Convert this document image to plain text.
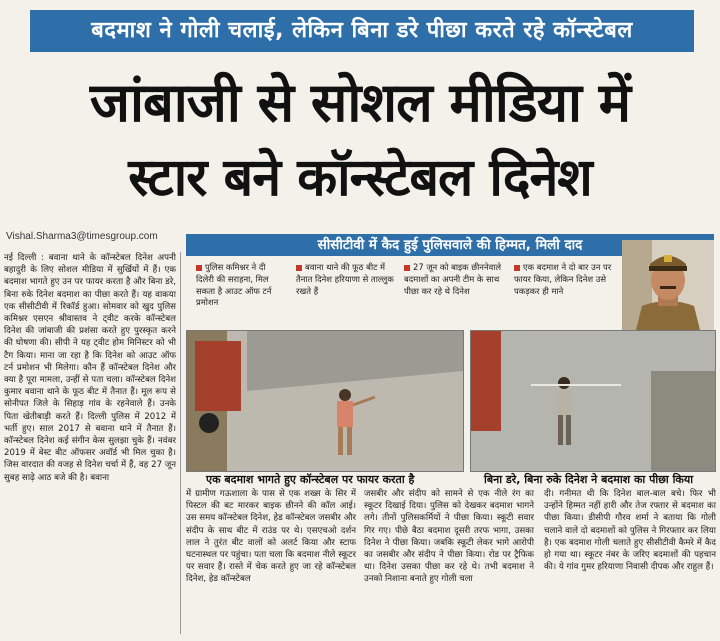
बदमाश ने गोली चलाई, लेकिन बिना डरे पीछा करते रहे कॉन्स्टेबल
जांबाजी से सोशल मीडिया में
स्टार बने कॉन्स्टेबल दिनेश
Vishal.Sharma3@timesgroup.com
सीसीटीवी में कैद हुई पुलिसवाले की हिम्मत, मिली दाद
नई दिल्ली : बवाना थाने के कॉन्स्टेबल दिनेश अपनी बहादुरी के लिए सोशल मीडिया में सुर्खियों में हैं। एक बदमाश भागते हुए उन पर फायर करता है और बिना डरे, बिना रुके दिनेश बदमाश का पीछा करते हैं। यह वाकया एक सीसीटीवी में रिकॉर्ड हुआ। सोमवार को खुद पुलिस कमिश्नर एसएन श्रीवास्तव ने ट्वीट करके कॉन्स्टेबल दिनेश की जांबाजी की प्रशंसा करते हुए पुरस्कृत करने की घोषणा की। सीपी ने यह ट्वीट होम मिनिस्टर को भी टैग किया। माना जा रहा है कि दिनेश को आउट ऑफ टर्न प्रमोशन भी मिलेगा। कौन हैं कॉन्स्टेबल दिनेश और क्या है पूरा मामला, उन्हीं से पता चला। कॉन्स्टेबल दिनेश कुमार बवाना थाने के फूठ बीट में तैनात हैं। मूल रूप से सोनीपत जिले के सिहाड़ गांव के रहनेवाले हैं। उनके पिता खेतीबाड़ी करते हैं। दिल्ली पुलिस में 2012 में भर्ती हुए। साल 2017 से बवाना थाने में तैनात हैं। कॉन्स्टेबल दिनेश कई संगीन केस सुलझा चुके हैं। नवंबर 2019 में बेस्ट बीट ऑफसर अवॉर्ड भी मिल चुका है। जिस वारदात की वजह से दिनेश चर्चा में हैं, वह 27 जून सुबह साढ़े आठ बजे की है। बवाना
पुलिस कमिश्नर ने दी दिलेरी की सराहना, मिल सकता है आउट ऑफ टर्न प्रमोशन
बवाना थाने की फूठ बीट में तैनात दिनेश हरियाणा से ताल्लुक रखते हैं
27 जून को बाइक छीननेवाले बदमाशों का अपनी टीम के साथ पीछा कर रहे थे दिनेश
एक बदमाश ने दो बार उन पर फायर किया, लेकिन दिनेश उसे पकड़कर ही माने
एक बदमाश भागते हुए कॉन्स्टेबल पर फायर करता है	बिना डरे, बिना रुके दिनेश ने बदमाश का पीछा किया
में ग्रामीण गऊशाला के पास से एक शख्स के सिर में पिस्टल की बट मारकर बाइक छीनने की कॉल आई। उस समय कॉन्स्टेबल दिनेश, हेड कॉन्स्टेबल जसबीर और संदीप के साथ बीट में राउंड पर थे। एसएचओ दर्शन लाल ने तुरंत बीट वालों को अलर्ट किया और स्टाफ घटनास्थल पर पहुंचा। पता चला कि बदमाश नीले स्कूटर पर सवार हैं। रास्ते में चेक करते हुए जा रहे कॉन्स्टेबल दिनेश, हेड कॉन्स्टेबल
जसबीर और संदीप को सामने से एक नीले रंग का स्कूटर दिखाई दिया। पुलिस को देखकर बदमाश भागने लगे। तीनों पुलिसकर्मियों ने पीछा किया। स्कूटी सवार गिर गए। पीछे बैठा बदमाश दूसरी तरफ भागा, उसका दिनेश ने पीछा किया। जबकि स्कूटी लेकर भागे आरोपी का जसबीर और संदीप ने पीछा किया। रोड पर ट्रैफिक था। दिनेश उसका पीछा कर रहे थे। तभी बदमाश ने उनको निशाना बनाते हुए गोली चला
दी। गनीमत थी कि दिनेश बाल-बाल बचे। फिर भी उन्होंने हिम्मत नहीं हारी और तेज रफ्तार से बदमाश का पीछा किया। डीसीपी गौरव शर्मा ने बताया कि गोली चलाने वाले दो बदमाशों को पुलिस ने गिरफ्तार कर लिया है। एक बदमाश गोली चलाते हुए सीसीटीवी कैमरे में कैद हो गया था। स्कूटर नंबर के जरिए बदमाशों की पहचान की। ये गांव गुमर हरियाणा निवासी दीपक और राहुल हैं।
